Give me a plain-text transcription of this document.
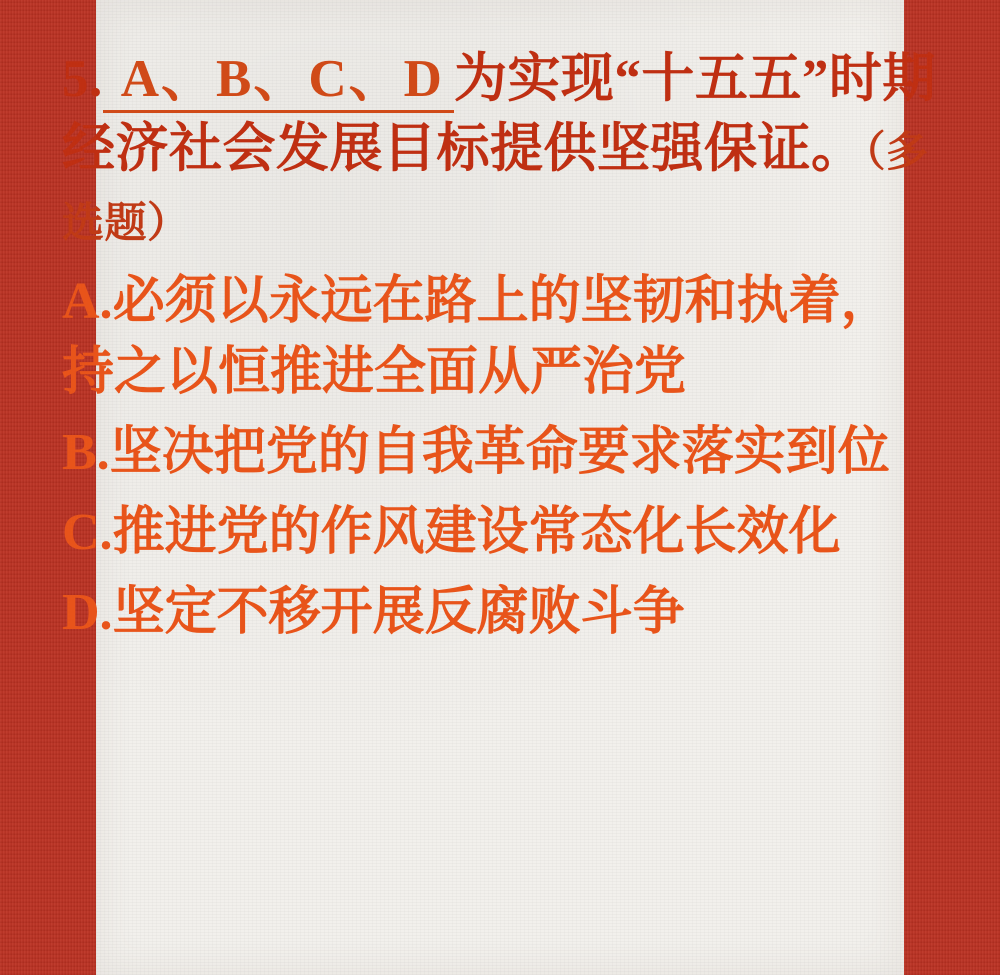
5. A、B、C、D 为实现“十五五”时期经济社会发展目标提供坚强保证。（多选题）

A.必须以永远在路上的坚韧和执着，持之以恒推进全面从严治党

B.坚决把党的自我革命要求落实到位

C.推进党的作风建设常态化长效化

D.坚定不移开展反腐败斗争
